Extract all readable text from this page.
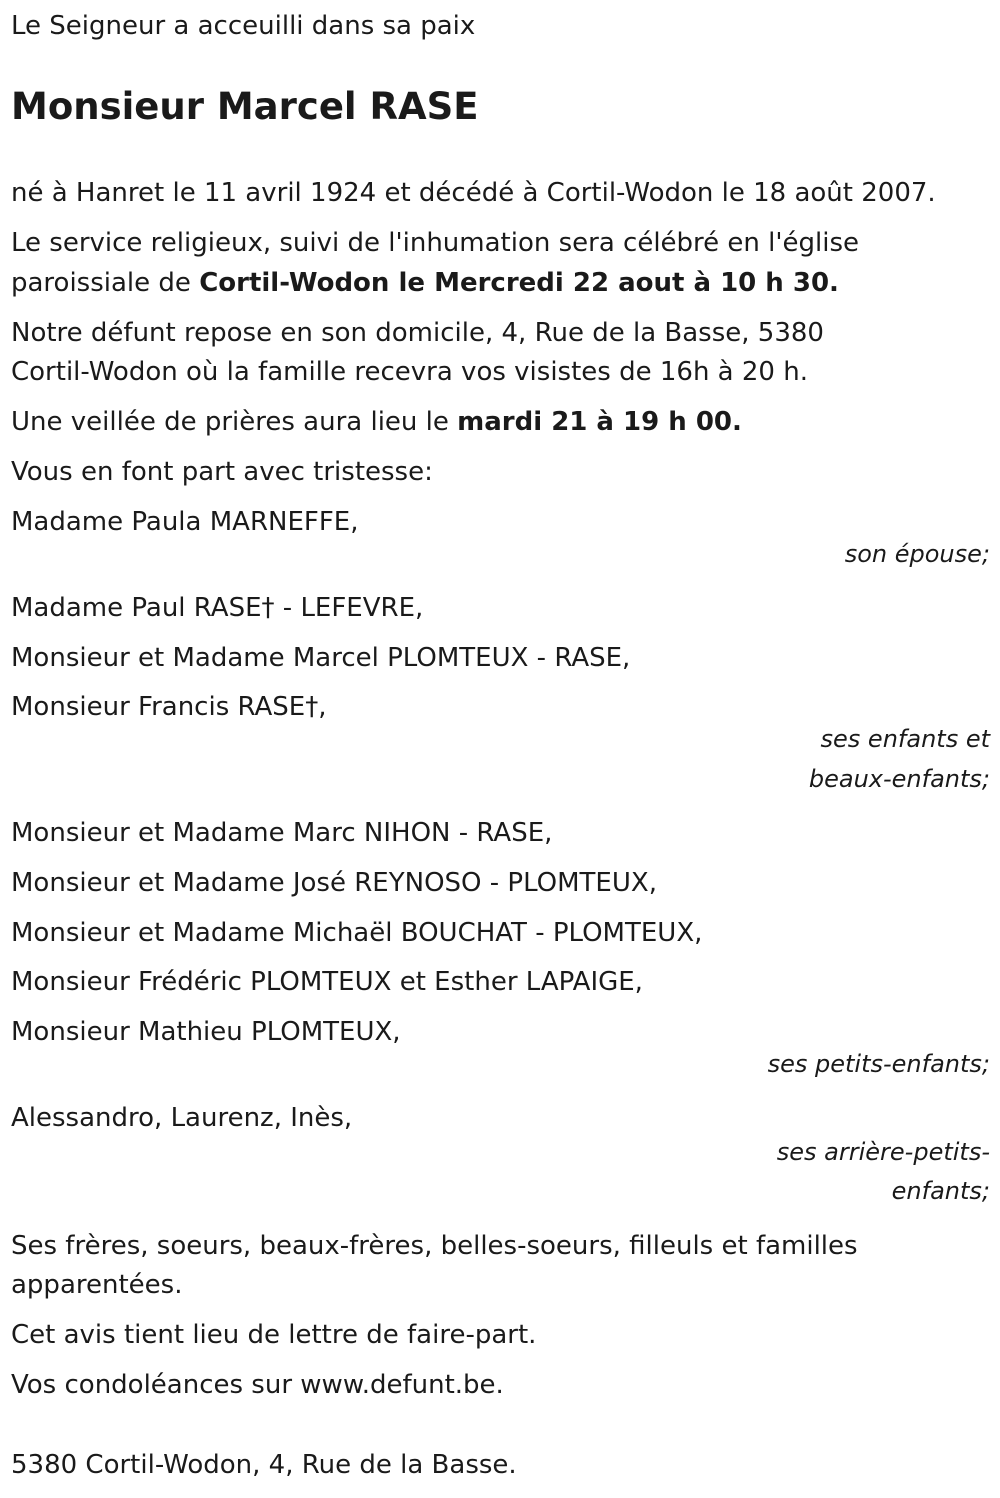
Le Seigneur a acceuilli dans sa paix
Monsieur Marcel RASE
né à Hanret le 11 avril 1924 et décédé à Cortil-Wodon le 18 août 2007.
Le service religieux, suivi de l'inhumation sera célébré en l'église
paroissiale de Cortil-Wodon le Mercredi 22 aout à 10 h 30.
Notre défunt repose en son domicile, 4, Rue de la Basse, 5380
Cortil-Wodon où la famille recevra vos visistes de 16h à 20 h.
Une veillée de prières aura lieu le mardi 21 à 19 h 00.
Vous en font part avec tristesse:
Madame Paula MARNEFFE,
son épouse;
Madame Paul RASE† - LEFEVRE,
Monsieur et Madame Marcel PLOMTEUX - RASE,
Monsieur Francis RASE†,
ses enfants et
beaux-enfants;
Monsieur et Madame Marc NIHON - RASE,
Monsieur et Madame José REYNOSO - PLOMTEUX,
Monsieur et Madame Michaël BOUCHAT - PLOMTEUX,
Monsieur Frédéric PLOMTEUX et Esther LAPAIGE,
Monsieur Mathieu PLOMTEUX,
ses petits-enfants;
Alessandro, Laurenz, Inès,
ses arrière-petits-
enfants;
Ses frères, soeurs, beaux-frères, belles-soeurs, filleuls et familles
apparentées.
Cet avis tient lieu de lettre de faire-part.
Vos condoléances sur www.defunt.be.
5380 Cortil-Wodon, 4, Rue de la Basse.
